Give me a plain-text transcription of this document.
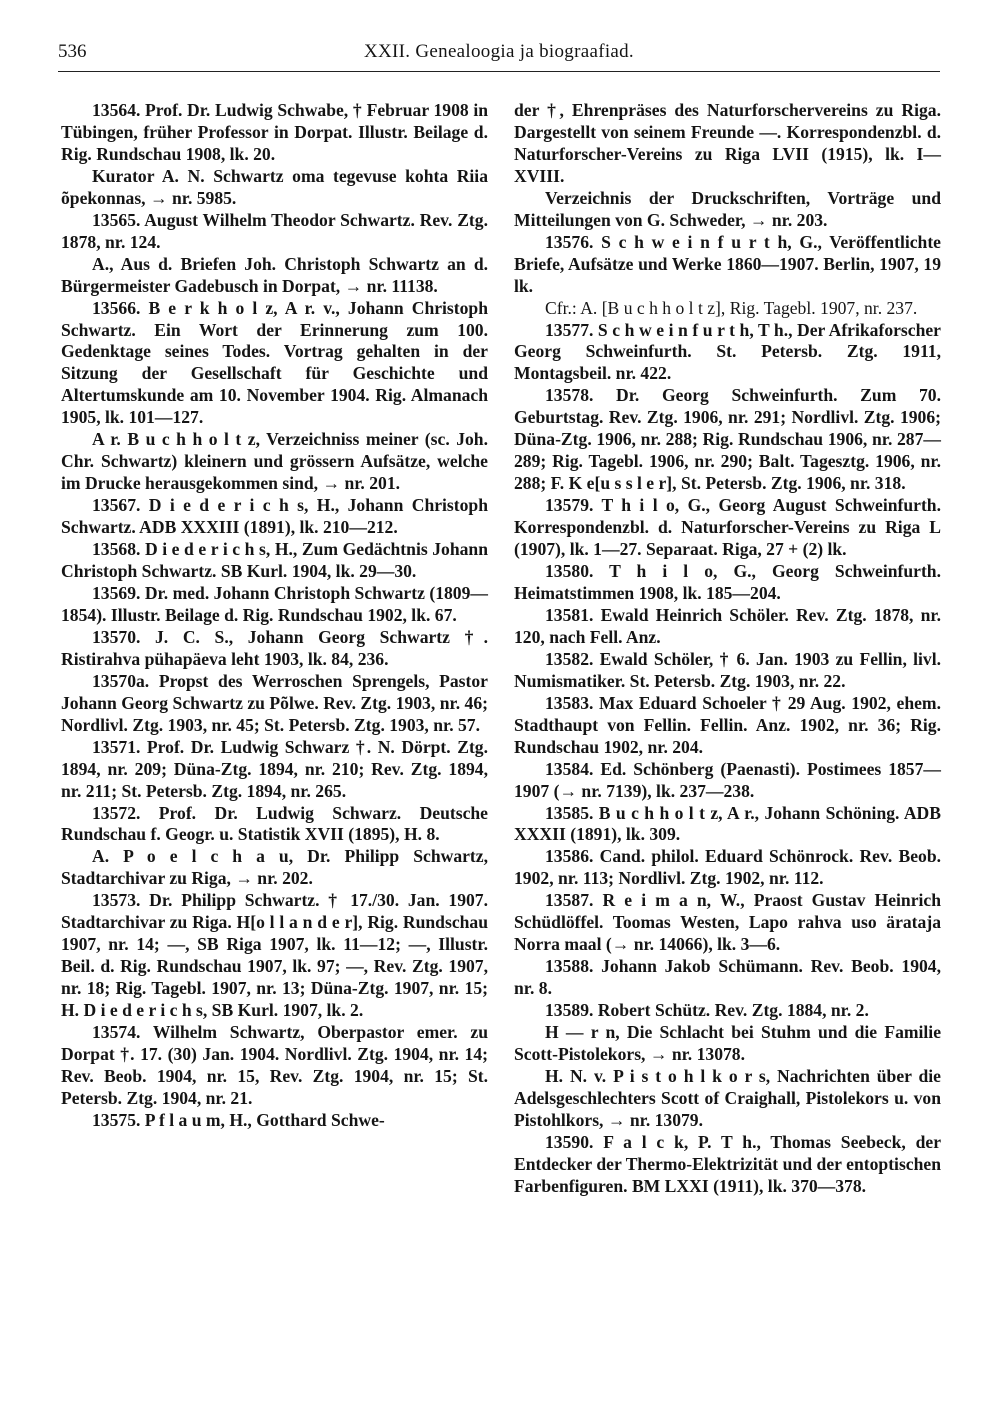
536	XXII. Genealoogia ja biograafiad.

13564. Prof. Dr. Ludwig Schwabe, † Februar 1908 in Tübingen, früher Professor in Dorpat. Illustr. Beilage d. Rig. Rundschau 1908, lk. 20.

Kurator A. N. Schwartz oma tegevuse kohta Riia õpekonnas, → nr. 5985.

13565. August Wilhelm Theodor Schwartz. Rev. Ztg. 1878, nr. 124.

A., Aus d. Briefen Joh. Christoph Schwartz an d. Bürgermeister Gadebusch in Dorpat, → nr. 11138.

13566. B e r k h o l z, A r. v., Johann Christoph Schwartz. Ein Wort der Erinnerung zum 100. Gedenktage seines Todes. Vortrag gehalten in der Sitzung der Gesellschaft für Geschichte und Altertumskunde am 10. November 1904. Rig. Almanach 1905, lk. 101—127.

A r. B u c h h o l t z, Verzeichniss meiner (sc. Joh. Chr. Schwartz) kleinern und grössern Aufsätze, welche im Drucke herausgekommen sind, → nr. 201.

13567. D i e d e r i c h s, H., Johann Christoph Schwartz. ADB XXXIII (1891), lk. 210—212.

13568. D i e d e r i c h s, H., Zum Gedächtnis Johann Christoph Schwartz. SB Kurl. 1904, lk. 29—30.

13569. Dr. med. Johann Christoph Schwartz (1809—1854). Illustr. Beilage d. Rig. Rundschau 1902, lk. 67.

13570. J. C. S., Johann Georg Schwartz †. Ristirahva pühapäeva leht 1903, lk. 84, 236.

13570a. Propst des Werroschen Sprengels, Pastor Johann Georg Schwartz zu Põlwe. Rev. Ztg. 1903, nr. 46; Nordlivl. Ztg. 1903, nr. 45; St. Petersb. Ztg. 1903, nr. 57.

13571. Prof. Dr. Ludwig Schwarz †. N. Dörpt. Ztg. 1894, nr. 209; Düna-Ztg. 1894, nr. 210; Rev. Ztg. 1894, nr. 211; St. Petersb. Ztg. 1894, nr. 265.

13572. Prof. Dr. Ludwig Schwarz. Deutsche Rundschau f. Geogr. u. Statistik XVII (1895), H. 8.

A. P o e l c h a u, Dr. Philipp Schwartz, Stadtarchivar zu Riga, → nr. 202.

13573. Dr. Philipp Schwartz. † 17./30. Jan. 1907. Stadtarchivar zu Riga. H[o l l a n d e r], Rig. Rundschau 1907, nr. 14; —, SB Riga 1907, lk. 11—12; —, Illustr. Beil. d. Rig. Rundschau 1907, lk. 97; —, Rev. Ztg. 1907, nr. 18; Rig. Tagebl. 1907, nr. 13; Düna-Ztg. 1907, nr. 15; H. D i e d e r i c h s, SB Kurl. 1907, lk. 2.

13574. Wilhelm Schwartz, Oberpastor emer. zu Dorpat †. 17. (30) Jan. 1904. Nordlivl. Ztg. 1904, nr. 14; Rev. Beob. 1904, nr. 15, Rev. Ztg. 1904, nr. 15; St. Petersb. Ztg. 1904, nr. 21.

13575. P f l a u m, H., Gotthard Schwe-

der †, Ehrenpräses des Naturforschervereins zu Riga. Dargestellt von seinem Freunde —. Korrespondenzbl. d. Naturforscher-Vereins zu Riga LVII (1915), lk. I—XVIII.

Verzeichnis der Druckschriften, Vorträge und Mitteilungen von G. Schweder, → nr. 203.

13576. S c h w e i n f u r t h, G., Veröffentlichte Briefe, Aufsätze und Werke 1860—1907. Berlin, 1907, 19 lk.

Cfr.: A. [B u c h h o l t z], Rig. Tagebl. 1907, nr. 237.

13577. S c h w e i n f u r t h, T h., Der Afrikaforscher Georg Schweinfurth. St. Petersb. Ztg. 1911, Montagsbeil. nr. 422.

13578. Dr. Georg Schweinfurth. Zum 70. Geburtstag. Rev. Ztg. 1906, nr. 291; Nordlivl. Ztg. 1906; Düna-Ztg. 1906, nr. 288; Rig. Rundschau 1906, nr. 287—289; Rig. Tagebl. 1906, nr. 290; Balt. Tagesztg. 1906, nr. 288; F. K e[u s s l e r], St. Petersb. Ztg. 1906, nr. 318.

13579. T h i l o, G., Georg August Schweinfurth. Korrespondenzbl. d. Naturforscher-Vereins zu Riga L (1907), lk. 1—27. Separaat. Riga, 27 + (2) lk.

13580. T h i l o, G., Georg Schweinfurth. Heimatstimmen 1908, lk. 185—204.

13581. Ewald Heinrich Schöler. Rev. Ztg. 1878, nr. 120, nach Fell. Anz.

13582. Ewald Schöler, † 6. Jan. 1903 zu Fellin, livl. Numismatiker. St. Petersb. Ztg. 1903, nr. 22.

13583. Max Eduard Schoeler † 29 Aug. 1902, ehem. Stadthaupt von Fellin. Fellin. Anz. 1902, nr. 36; Rig. Rundschau 1902, nr. 204.

13584. Ed. Schönberg (Paenasti). Postimees 1857—1907 (→ nr. 7139), lk. 237—238.

13585. B u c h h o l t z, A r., Johann Schöning. ADB XXXII (1891), lk. 309.

13586. Cand. philol. Eduard Schönrock. Rev. Beob. 1902, nr. 113; Nordlivl. Ztg. 1902, nr. 112.

13587. R e i m a n, W., Praost Gustav Heinrich Schüdlöffel. Toomas Westen, Lapo rahva uso ärataja Norra maal (→ nr. 14066), lk. 3—6.

13588. Johann Jakob Schümann. Rev. Beob. 1904, nr. 8.

13589. Robert Schütz. Rev. Ztg. 1884, nr. 2.

H — r n, Die Schlacht bei Stuhm und die Familie Scott-Pistolekors, → nr. 13078.

H. N. v. P i s t o h l k o r s, Nachrichten über die Adelsgeschlechters Scott of Craighall, Pistolekors u. von Pistohlkors, → nr. 13079.

13590. F a l c k, P. T h., Thomas Seebeck, der Entdecker der Thermo-Elektrizität und der entoptischen Farbenfiguren. BM LXXI (1911), lk. 370—378.
